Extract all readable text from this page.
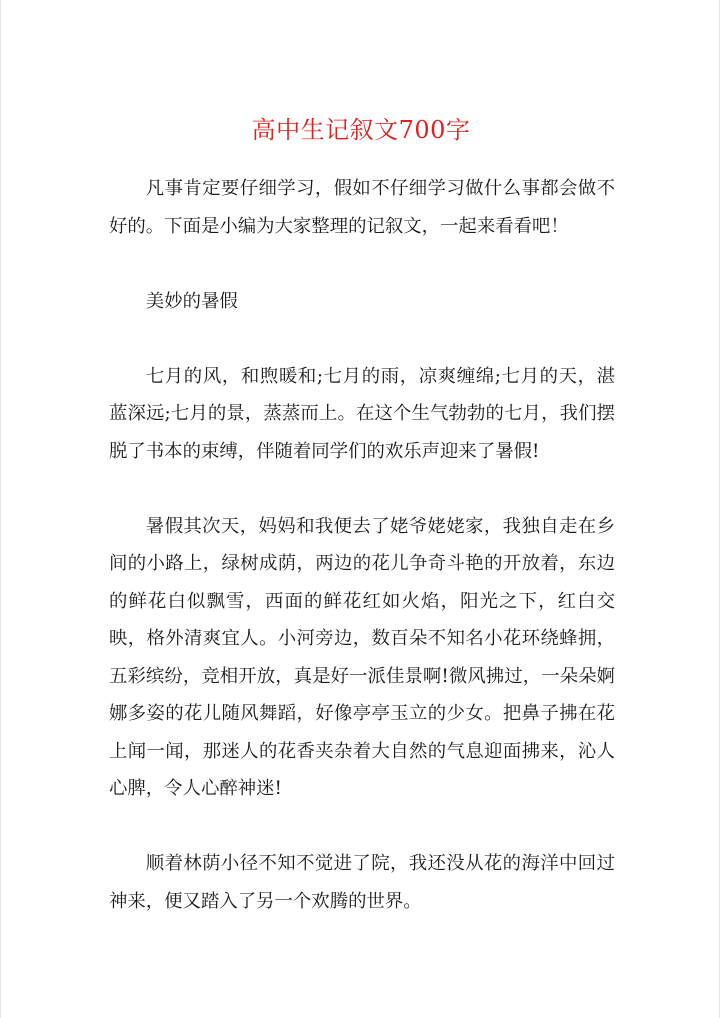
高中生记叙文700字

凡事肯定要仔细学习，假如不仔细学习做什么事都会做不好的。下面是小编为大家整理的记叙文，一起来看看吧！

美妙的暑假

七月的风，和煦暖和;七月的雨，凉爽缠绵;七月的天，湛蓝深远;七月的景，蒸蒸而上。在这个生气勃勃的七月，我们摆脱了书本的束缚，伴随着同学们的欢乐声迎来了暑假!

暑假其次天，妈妈和我便去了姥爷姥姥家，我独自走在乡间的小路上，绿树成荫，两边的花儿争奇斗艳的开放着，东边的鲜花白似飘雪，西面的鲜花红如火焰，阳光之下，红白交映，格外清爽宜人。小河旁边，数百朵不知名小花环绕蜂拥，五彩缤纷，竞相开放，真是好一派佳景啊!微风拂过，一朵朵婀娜多姿的花儿随风舞蹈，好像亭亭玉立的少女。把鼻子拂在花上闻一闻，那迷人的花香夹杂着大自然的气息迎面拂来，沁人心脾，令人心醉神迷!

顺着林荫小径不知不觉进了院，我还没从花的海洋中回过神来，便又踏入了另一个欢腾的世界。
